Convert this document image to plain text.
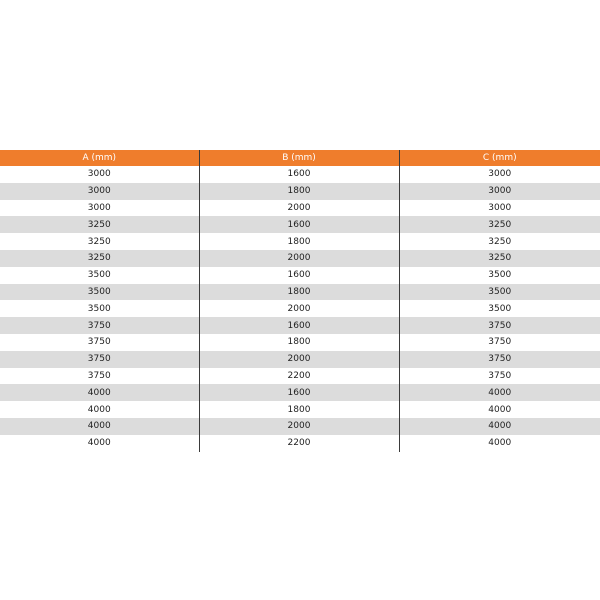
A (mm)	B (mm)	C (mm)
3000	1600	3000
3000	1800	3000
3000	2000	3000
3250	1600	3250
3250	1800	3250
3250	2000	3250
3500	1600	3500
3500	1800	3500
3500	2000	3500
3750	1600	3750
3750	1800	3750
3750	2000	3750
3750	2200	3750
4000	1600	4000
4000	1800	4000
4000	2000	4000
4000	2200	4000
